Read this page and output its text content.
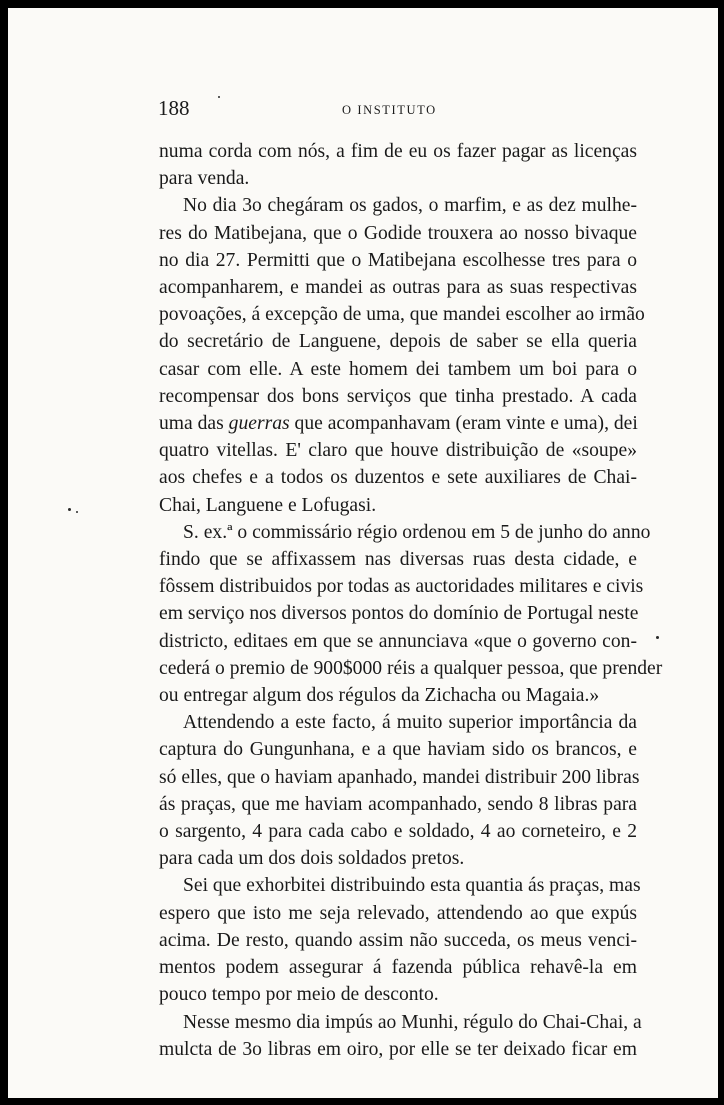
188	O INSTITUTO
numa corda com nós, a fim de eu os fazer pagar as licenças
para venda.
No dia 3o chegáram os gados, o marfim, e as dez mulhe-
res do Matibejana, que o Godide trouxera ao nosso bivaque
no dia 27. Permitti que o Matibejana escolhesse tres para o
acompanharem, e mandei as outras para as suas respectivas
povoações, á excepção de uma, que mandei escolher ao irmão
do secretário de Languene, depois de saber se ella queria
casar com elle. A este homem dei tambem um boi para o
recompensar dos bons serviços que tinha prestado. A cada
uma das guerras que acompanhavam (eram vinte e uma), dei
quatro vitellas. E' claro que houve distribuição de «soupe»
aos chefes e a todos os duzentos e sete auxiliares de Chai-
Chai, Languene e Lofugasi.
S. ex.ª o commissário régio ordenou em 5 de junho do anno
findo que se affixassem nas diversas ruas desta cidade, e
fôssem distribuidos por todas as auctoridades militares e civis
em serviço nos diversos pontos do domínio de Portugal neste
districto, editaes em que se annunciava «que o governo con-
cederá o premio de 900$000 réis a qualquer pessoa, que prender
ou entregar algum dos régulos da Zichacha ou Magaia.»
Attendendo a este facto, á muito superior importância da
captura do Gungunhana, e a que haviam sido os brancos, e
só elles, que o haviam apanhado, mandei distribuir 200 libras
ás praças, que me haviam acompanhado, sendo 8 libras para
o sargento, 4 para cada cabo e soldado, 4 ao corneteiro, e 2
para cada um dos dois soldados pretos.
Sei que exhorbitei distribuindo esta quantia ás praças, mas
espero que isto me seja relevado, attendendo ao que expús
acima. De resto, quando assim não succeda, os meus venci-
mentos podem assegurar á fazenda pública rehavê-la em
pouco tempo por meio de desconto.
Nesse mesmo dia impús ao Munhi, régulo do Chai-Chai, a
mulcta de 3o libras em oiro, por elle se ter deixado ficar em
